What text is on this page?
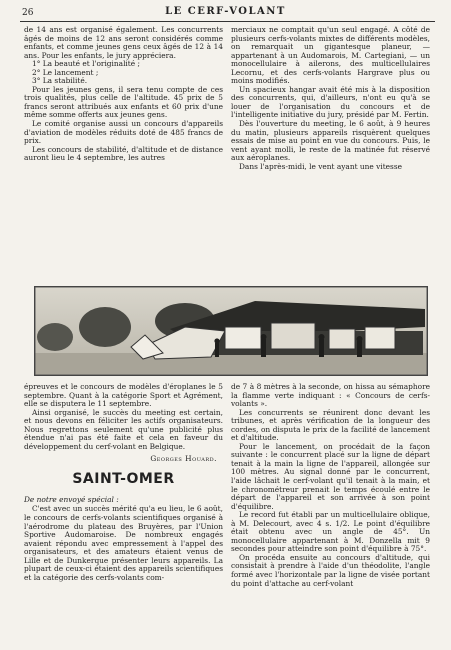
26	LE CERF-VOLANT

de 14 ans est organisé également. Les concurrents âgés de moins de 12 ans seront considérés comme enfants, et comme jeunes gens ceux âgés de 12 à 14 ans. Pour les enfants, le jury appréciera.

1° La beauté et l'originalité ;

2° Le lancement ;

3° La stabilité.

Pour les jeunes gens, il sera tenu compte de ces trois qualités, plus celle de l'altitude. 45 prix de 5 francs seront attribués aux enfants et 60 prix d'une même somme offerts aux jeunes gens.

Le comité organise aussi un concours d'appareils d'aviation de modèles réduits doté de 485 francs de prix.

Les concours de stabilité, d'altitude et de distance auront lieu le 4 septembre, les autres

merciaux ne comptait qu'un seul engagé. A côté de plusieurs cerfs-volants mixtes de différents modèles, on remarquait un gigantesque planeur, — appartenant à un Audomarois, M. Cartegiani, — un monocellulaire à ailerons, des multicellulaires Lecornu, et des cerfs-volants Hargrave plus ou moins modifiés.

Un spacieux hangar avait été mis à la disposition des concurrents, qui, d'ailleurs, n'ont eu qu'à se louer de l'organisation du concours et de l'intelligente initiative du jury, présidé par M. Fertin.

Dès l'ouverture du meeting, le 6 août, à 9 heures du matin, plusieurs appareils risquèrent quelques essais de mise au point en vue du concours. Puis, le vent ayant molli, le reste de la matinée fut réservé aux aéroplanes.

Dans l'après-midi, le vent ayant une vitesse

épreuves et le concours de modèles d'éroplanes le 5 septembre. Quant à la catégorie Sport et Agrément, elle se disputera le 11 septembre.

Ainsi organisé, le succès du meeting est certain, et nous devons en féliciter les actifs organisateurs. Nous regrettons seulement qu'une publicité plus étendue n'ai pas été faite et cela en faveur du développement du cerf-volant en Belgique.

Georges Houard.

SAINT-OMER

De notre envoyé spécial :

C'est avec un succès mérité qu'a eu lieu, le 6 août, le concours de cerfs-volants scientifiques organisé à l'aérodrome du plateau des Bruyères, par l'Union Sportive Audomaroise. De nombreux engagés avaient répondu avec empressement à l'appel des organisateurs, et des amateurs étaient venus de Lille et de Dunkerque présenter leurs appareils. La plupart de ceux-ci étaient des appareils scientifiques et la catégorie des cerfs-volants com-

de 7 à 8 mètres à la seconde, on hissa au sémaphore la flamme verte indiquant : « Concours de cerfs-volants ».

Les concurrents se réunirent donc devant les tribunes, et après vérification de la longueur des cordes, on disputa le prix de la facilité de lancement et d'altitude.

Pour le lancement, on procédait de la façon suivante : le concurrent placé sur la ligne de départ tenait à la main la ligne de l'appareil, allongée sur 100 mètres. Au signal donné par le concurrent, l'aide lâchait le cerf-volant qu'il tenait à la main, et le chronométreur prenait le temps écoulé entre le départ de l'appareil et son arrivée à son point d'équilibre.

Le record fut établi par un multicellulaire oblique, à M. Delecourt, avec 4 s. 1/2. Le point d'équilibre était obtenu avec un angle de 45°. Un monocellulaire appartenant à M. Donzella mit 9 secondes pour atteindre son point d'équilibre à 75°.

On procéda ensuite au concours d'altitude, qui consistait à prendre à l'aide d'un théodolite, l'angle formé avec l'horizontale par la ligne de visée portant du point d'attache au cerf-volant
